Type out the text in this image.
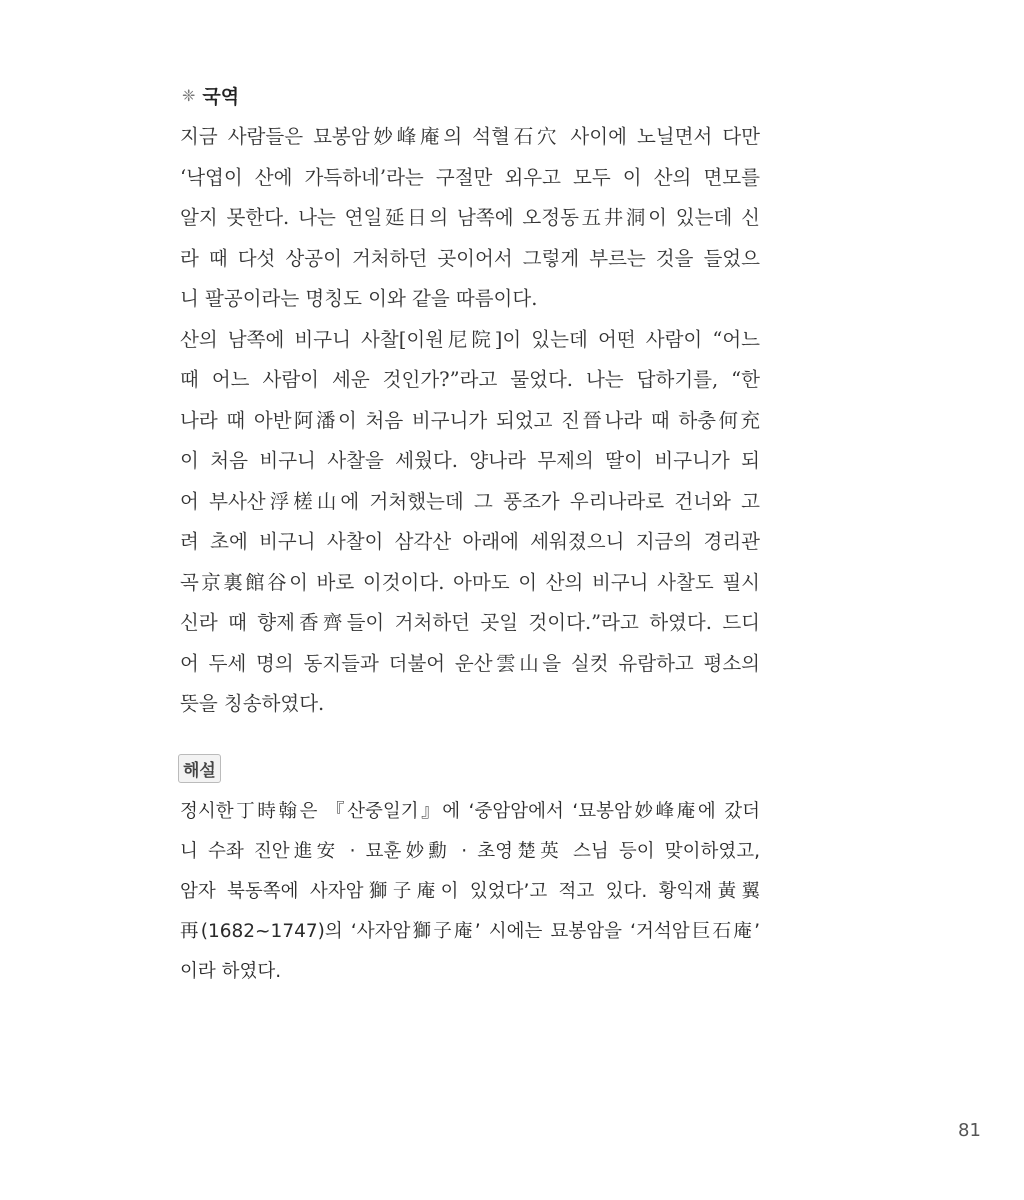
❈ 국역
지금 사람들은 묘봉암妙峰庵의 석혈石穴 사이에 노닐면서 다만
‘낙엽이 산에 가득하네’라는 구절만 외우고 모두 이 산의 면모를
알지 못한다. 나는 연일延日의 남쪽에 오정동五井洞이 있는데 신
라 때 다섯 상공이 거처하던 곳이어서 그렇게 부르는 것을 들었으
니 팔공이라는 명칭도 이와 같을 따름이다.
산의 남쪽에 비구니 사찰[이원尼院]이 있는데 어떤 사람이 “어느
때 어느 사람이 세운 것인가?”라고 물었다. 나는 답하기를, “한
나라 때 아반阿潘이 처음 비구니가 되었고 진晉나라 때 하충何充
이 처음 비구니 사찰을 세웠다. 양나라 무제의 딸이 비구니가 되
어 부사산浮槎山에 거처했는데 그 풍조가 우리나라로 건너와 고
려 초에 비구니 사찰이 삼각산 아래에 세워졌으니 지금의 경리관
곡京裏館谷이 바로 이것이다. 아마도 이 산의 비구니 사찰도 필시
신라 때 향제香齊들이 거처하던 곳일 것이다.”라고 하였다. 드디
어 두세 명의 동지들과 더불어 운산雲山을 실컷 유람하고 평소의
뜻을 칭송하였다.
해설
정시한丁時翰은 『산중일기』에 ‘중암암에서 ‘묘봉암妙峰庵에 갔더
니 수좌 진안進安 · 묘훈妙勳 · 초영楚英 스님 등이 맞이하였고,
암자 북동쪽에 사자암獅子庵이 있었다’고 적고 있다. 황익재黃翼
再(1682~1747)의 ‘사자암獅子庵’ 시에는 묘봉암을 ‘거석암巨石庵’
이라 하였다.
81
